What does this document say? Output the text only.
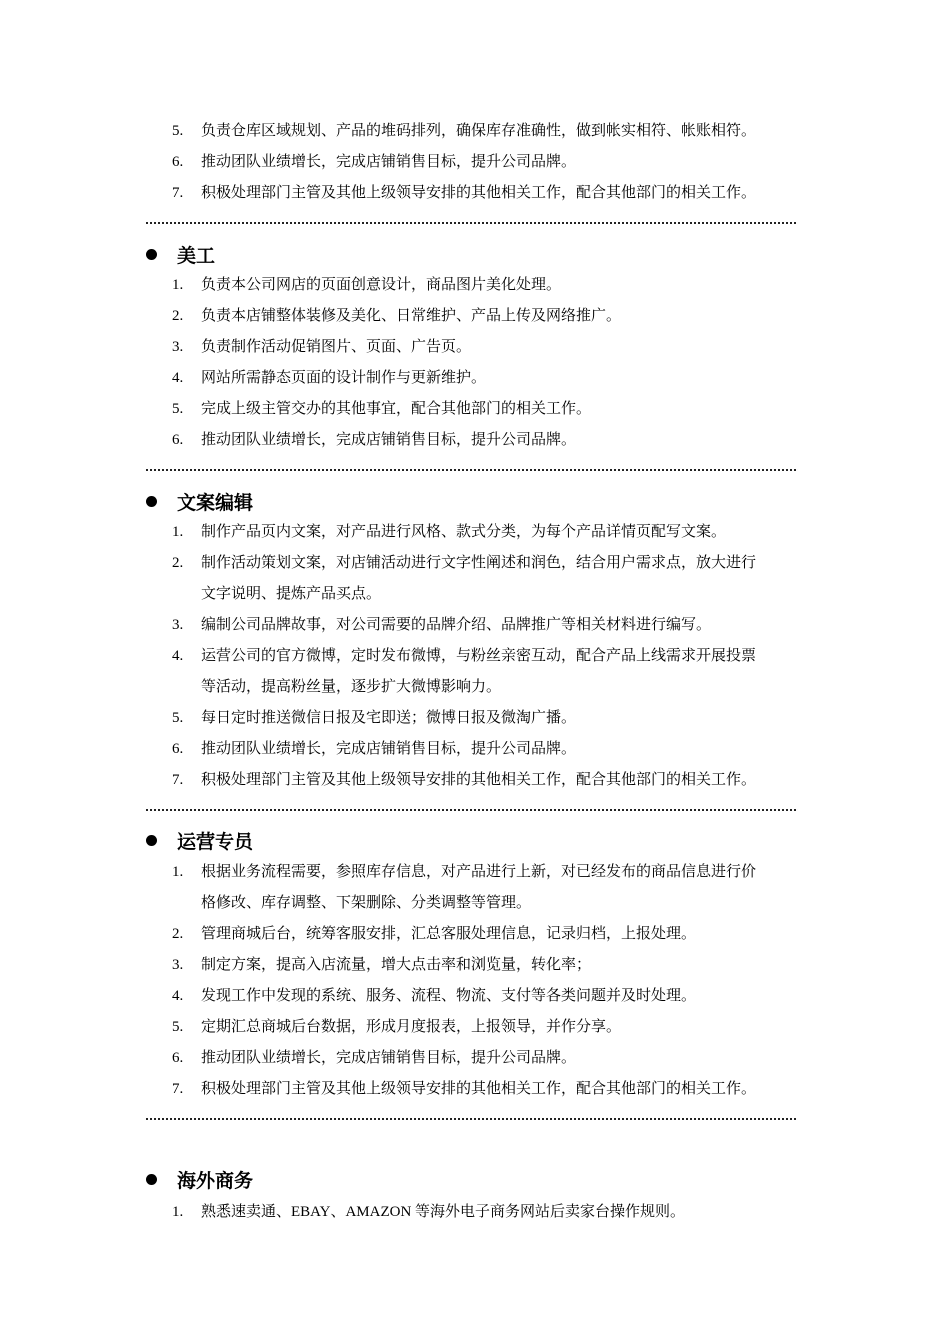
5. 负责仓库区域规划、产品的堆码排列，确保库存准确性，做到帐实相符、帐账相符。
6. 推动团队业绩增长，完成店铺销售目标，提升公司品牌。
7. 积极处理部门主管及其他上级领导安排的其他相关工作，配合其他部门的相关工作。
美工
1. 负责本公司网店的页面创意设计，商品图片美化处理。
2. 负责本店铺整体装修及美化、日常维护、产品上传及网络推广。
3. 负责制作活动促销图片、页面、广告页。
4. 网站所需静态页面的设计制作与更新维护。
5. 完成上级主管交办的其他事宜，配合其他部门的相关工作。
6. 推动团队业绩增长，完成店铺销售目标，提升公司品牌。
文案编辑
1. 制作产品页内文案，对产品进行风格、款式分类，为每个产品详情页配写文案。
2. 制作活动策划文案，对店铺活动进行文字性阐述和润色，结合用户需求点，放大进行
文字说明、提炼产品买点。
3. 编制公司品牌故事，对公司需要的品牌介绍、品牌推广等相关材料进行编写。
4. 运营公司的官方微博，定时发布微博，与粉丝亲密互动，配合产品上线需求开展投票
等活动，提高粉丝量，逐步扩大微博影响力。
5. 每日定时推送微信日报及宅即送；微博日报及微淘广播。
6. 推动团队业绩增长，完成店铺销售目标，提升公司品牌。
7. 积极处理部门主管及其他上级领导安排的其他相关工作，配合其他部门的相关工作。
运营专员
1. 根据业务流程需要，参照库存信息，对产品进行上新，对已经发布的商品信息进行价
格修改、库存调整、下架删除、分类调整等管理。
2. 管理商城后台，统筹客服安排，汇总客服处理信息，记录归档，上报处理。
3. 制定方案，提高入店流量，增大点击率和浏览量，转化率；
4. 发现工作中发现的系统、服务、流程、物流、支付等各类问题并及时处理。
5. 定期汇总商城后台数据，形成月度报表，上报领导，并作分享。
6. 推动团队业绩增长，完成店铺销售目标，提升公司品牌。
7. 积极处理部门主管及其他上级领导安排的其他相关工作，配合其他部门的相关工作。
海外商务
1. 熟悉速卖通、EBAY、AMAZON 等海外电子商务网站后卖家台操作规则。
